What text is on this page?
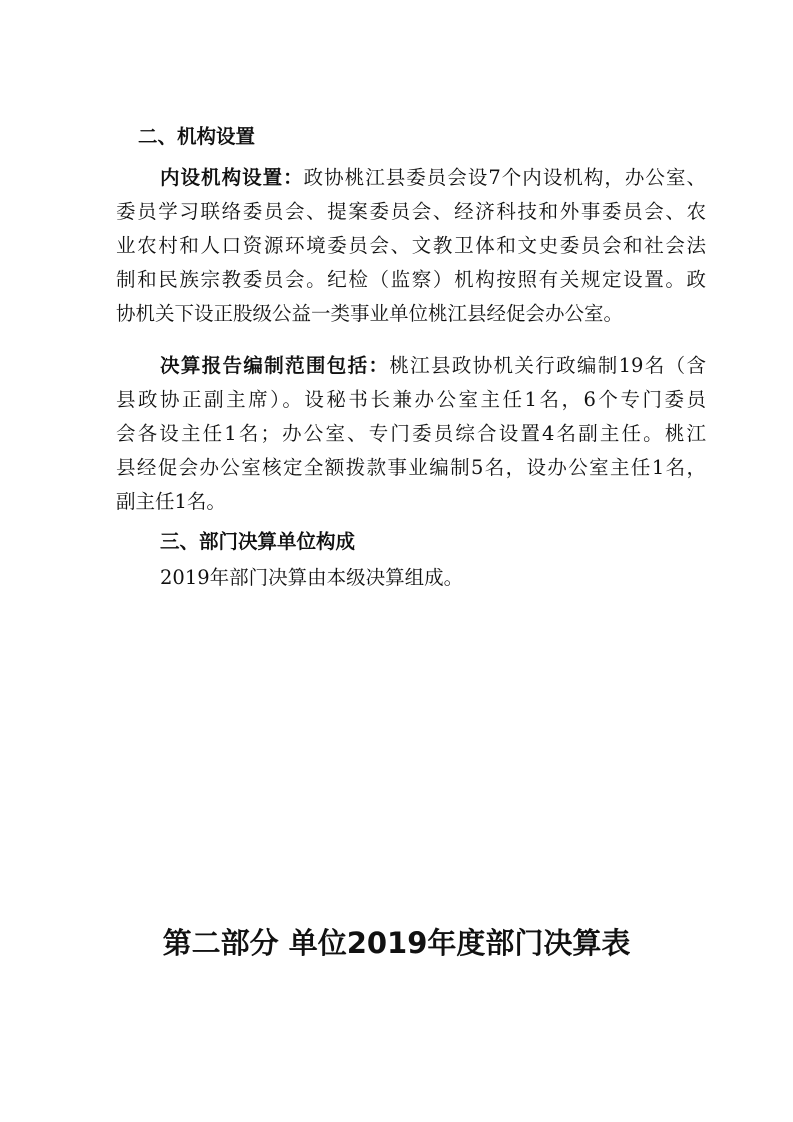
二、机构设置
内设机构设置：政协桃江县委员会设7个内设机构，办公室、
委员学习联络委员会、提案委员会、经济科技和外事委员会、农
业农村和人口资源环境委员会、文教卫体和文史委员会和社会法
制和民族宗教委员会。纪检（监察）机构按照有关规定设置。政
协机关下设正股级公益一类事业单位桃江县经促会办公室。
决算报告编制范围包括：桃江县政协机关行政编制19名（含
县政协正副主席）。设秘书长兼办公室主任1名，6个专门委员
会各设主任1名；办公室、专门委员综合设置4名副主任。桃江
县经促会办公室核定全额拨款事业编制5名，设办公室主任1名，
副主任1名。
三、部门决算单位构成
2019年部门决算由本级决算组成。
第二部分 单位2019年度部门决算表
